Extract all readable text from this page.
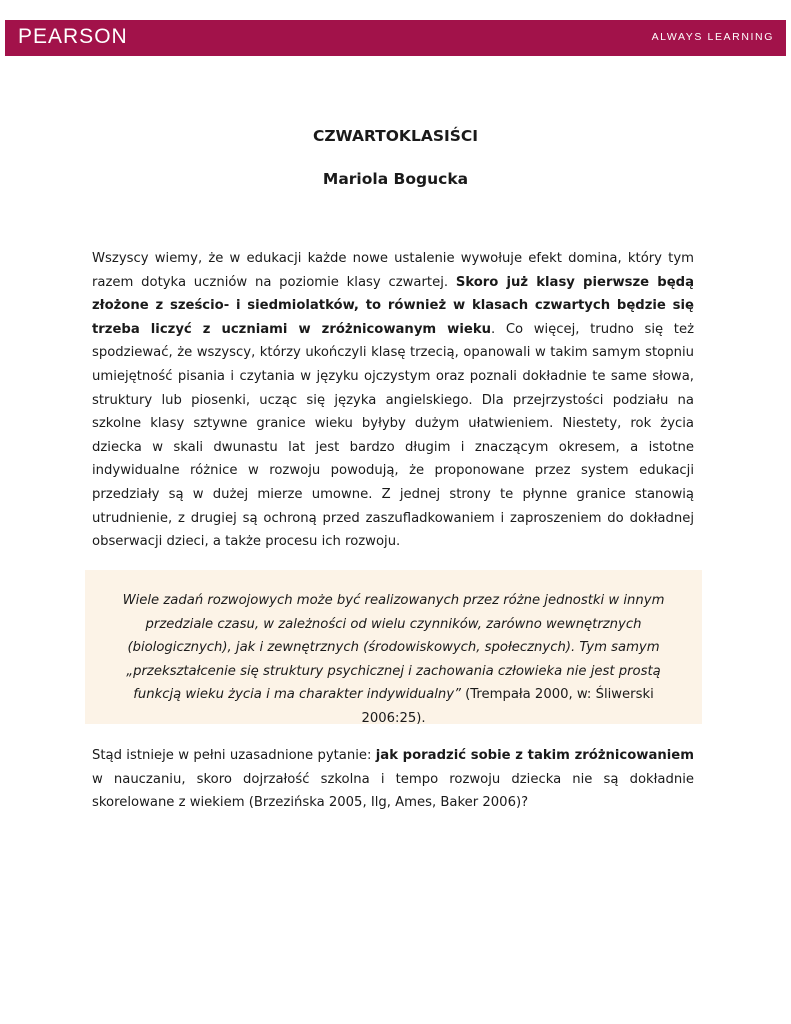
PEARSON	ALWAYS LEARNING
CZWARTOKLASIŚCI
Mariola Bogucka

Wszyscy wiemy, że w edukacji każde nowe ustalenie wywołuje efekt domina, który tym razem dotyka uczniów na poziomie klasy czwartej. Skoro już klasy pierwsze będą złożone z sześcio- i siedmiolatków, to również w klasach czwartych będzie się trzeba liczyć z uczniami w zróżnicowanym wieku. Co więcej, trudno się też spodziewać, że wszyscy, którzy ukończyli klasę trzecią, opanowali w takim samym stopniu umiejętność pisania i czytania w języku ojczystym oraz poznali dokładnie te same słowa, struktury lub piosenki, ucząc się języka angielskiego. Dla przejrzystości podziału na szkolne klasy sztywne granice wieku byłyby dużym ułatwieniem. Niestety, rok życia dziecka w skali dwunastu lat jest bardzo długim i znaczącym okresem, a istotne indywidualne różnice w rozwoju powodują, że proponowane przez system edukacji przedziały są w dużej mierze umowne. Z jednej strony te płynne granice stanowią utrudnienie, z drugiej są ochroną przed zaszufladkowaniem i zaproszeniem do dokładnej obserwacji dzieci, a także procesu ich rozwoju.

Wiele zadań rozwojowych może być realizowanych przez różne jednostki w innym przedziale czasu, w zależności od wielu czynników, zarówno wewnętrznych (biologicznych), jak i zewnętrznych (środowiskowych, społecznych). Tym samym „przekształcenie się struktury psychicznej i zachowania człowieka nie jest prostą funkcją wieku życia i ma charakter indywidualny” (Trempała 2000, w: Śliwerski 2006:25).

Stąd istnieje w pełni uzasadnione pytanie: jak poradzić sobie z takim zróżnicowaniem w nauczaniu, skoro dojrzałość szkolna i tempo rozwoju dziecka nie są dokładnie skorelowane z wiekiem (Brzezińska 2005, Ilg, Ames, Baker 2006)?
